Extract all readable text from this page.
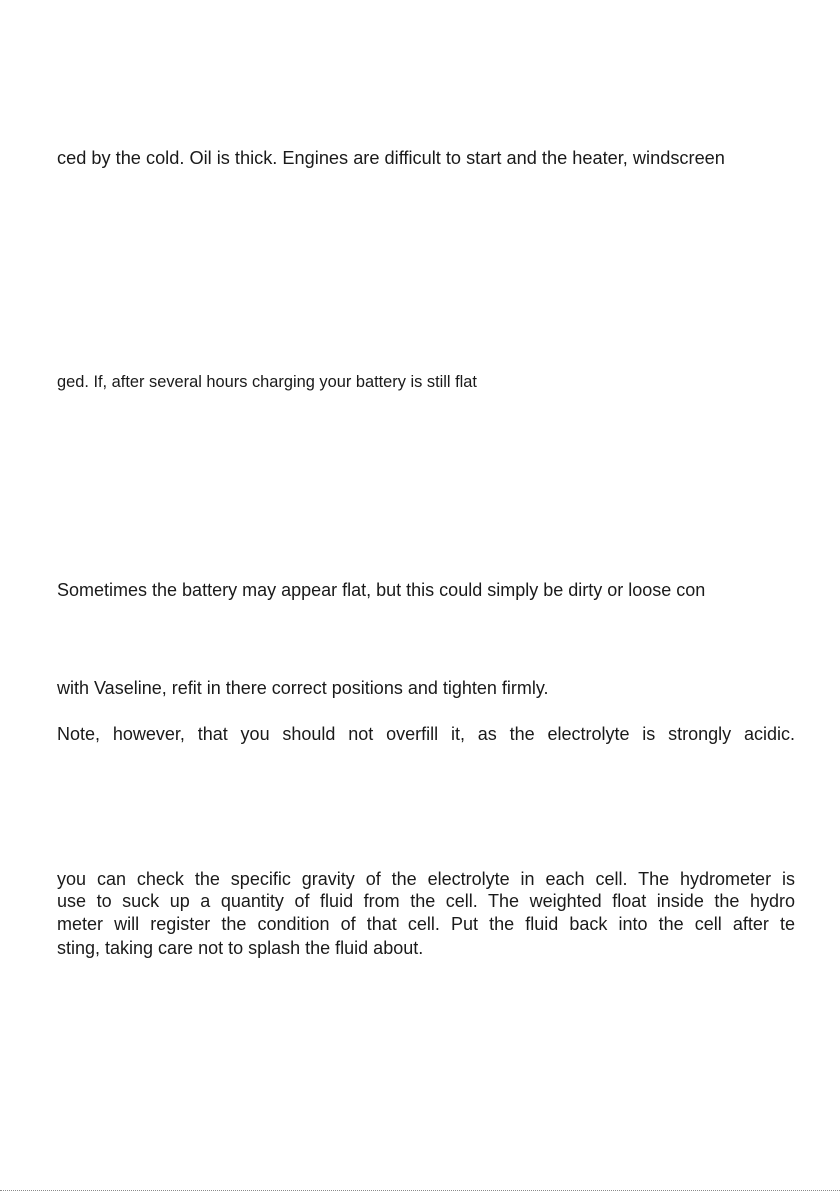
ced by the cold. Oil is thick. Engines are difficult to start and the heater, windscreen
ged. If, after several hours charging your battery is still flat
Sometimes the battery may appear flat, but this could simply be dirty or loose con
with Vaseline, refit in there correct positions and tighten firmly.
Note, however, that you should not overfill it, as the electrolyte is strongly acidic.
you can check the specific gravity of the electrolyte in each cell. The hydrometer is
use to suck up a quantity of fluid from the cell. The weighted float inside the hydro
meter will register the condition of that cell. Put the fluid back into the cell after te
sting, taking care not to splash the fluid about.
